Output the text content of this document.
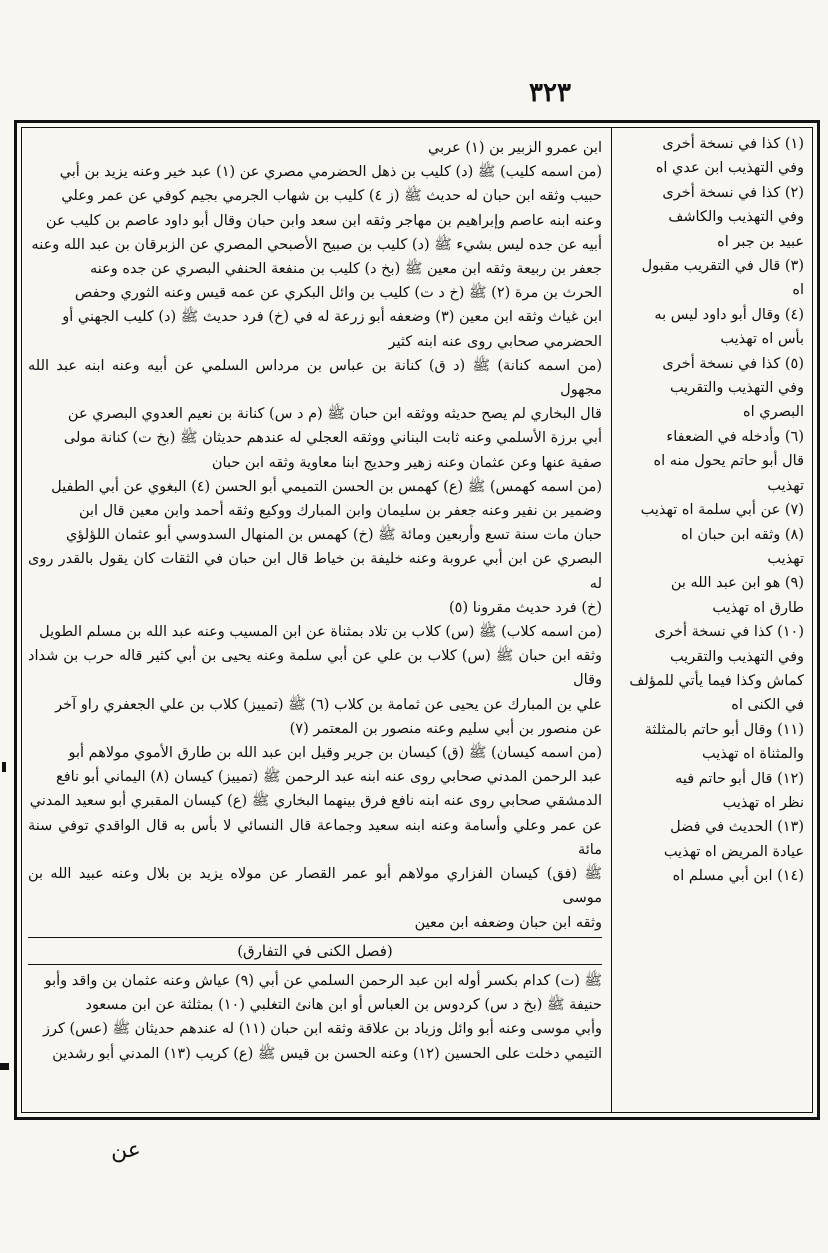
٣٢٣

(١) كذا في نسخة أخرى

وفي التهذيب ابن عدي اه

(٢) كذا في نسخة أخرى

وفي التهذيب والكاشف

عبيد بن جبر اه

(٣) قال في التقريب مقبول

اه

(٤) وقال أبو داود ليس به

بأس اه تهذيب

(٥) كذا في نسخة أخرى

وفي التهذيب والتقريب

البصري اه

(٦) وأدخله في الضعفاء

قال أبو حاتم يحول منه اه

تهذيب

(٧) عن أبي سلمة اه تهذيب

(٨) وثقه ابن حبان اه

تهذيب

(٩) هو ابن عبد الله بن

طارق اه تهذيب

(١٠) كذا في نسخة أخرى

وفي التهذيب والتقريب

كماش وكذا فيما يأتي للمؤلف

في الكنى اه

(١١) وقال أبو حاتم بالمثلثة

والمثناة اه تهذيب

(١٢) قال أبو حاتم فيه

نظر اه تهذيب

(١٣) الحديث في فضل

عيادة المريض اه تهذيب

(١٤) ابن أبي مسلم اه

ابن عمرو الزبير بن (١) عربي

(من اسمه كليب) ﷺ (د) كليب بن ذهل الحضرمي مصري عن (١) عبد خير وعنه يزيد بن أبي

حبيب وثقه ابن حبان له حديث ﷺ (ز ٤) كليب بن شهاب الجرمي بجيم كوفي عن عمر وعلي

وعنه ابنه عاصم وإبراهيم بن مهاجر وثقه ابن سعد وابن حبان وقال أبو داود عاصم بن كليب عن

أبيه عن جده ليس بشيء ﷺ (د) كليب بن صبيح الأصبحي المصري عن الزبرقان بن عبد الله وعنه

جعفر بن ربيعة وثقه ابن معين ﷺ (بخ د) كليب بن منفعة الحنفي البصري عن جده وعنه

الحرث بن مرة (٢) ﷺ (خ د ت) كليب بن وائل البكري عن عمه قيس وعنه الثوري وحفص

ابن غياث وثقه ابن معين (٣) وضعفه أبو زرعة له في (خ) فرد حديث ﷺ (د) كليب الجهني أو

الحضرمي صحابي روى عنه ابنه كثير

(من اسمه كنانة) ﷺ (د ق) كنانة بن عباس بن مرداس السلمي عن أبيه وعنه ابنه عبد الله مجهول

قال البخاري لم يصح حديثه ووثقه ابن حبان ﷺ (م د س) كنانة بن نعيم العدوي البصري عن

أبي برزة الأسلمي وعنه ثابت البناني ووثقه العجلي له عندهم حديثان ﷺ (بخ ت) كنانة مولى

صفية عنها وعن عثمان وعنه زهير وحديج ابنا معاوية وثقه ابن حبان

(من اسمه كهمس) ﷺ (ع) كهمس بن الحسن التميمي أبو الحسن (٤) البغوي عن أبي الطفيل

وضمير بن نفير وعنه جعفر بن سليمان وابن المبارك ووكيع وثقه أحمد وابن معين قال ابن

حبان مات سنة تسع وأربعين ومائة ﷺ (خ) كهمس بن المنهال السدوسي أبو عثمان اللؤلؤي

البصري عن ابن أبي عروبة وعنه خليفة بن خياط قال ابن حبان في الثقات كان يقول بالقدر روى له

(خ) فرد حديث مقرونا (٥)

(من اسمه كلاب) ﷺ (س) كلاب بن تلاد بمثناة عن ابن المسيب وعنه عبد الله بن مسلم الطويل

وثقه ابن حبان ﷺ (س) كلاب بن علي عن أبي سلمة وعنه يحيى بن أبي كثير قاله حرب بن شداد وقال

علي بن المبارك عن يحيى عن ثمامة بن كلاب (٦) ﷺ (تمييز) كلاب بن علي الجعفري راو آخر

عن منصور بن أبي سليم وعنه منصور بن المعتمر (٧)

(من اسمه كيسان) ﷺ (ق) كيسان بن جرير وقيل ابن عبد الله بن طارق الأموي مولاهم أبو

عبد الرحمن المدني صحابي روى عنه ابنه عبد الرحمن ﷺ (تمييز) كيسان (٨) اليماني أبو نافع

الدمشقي صحابي روى عنه ابنه نافع فرق بينهما البخاري ﷺ (ع) كيسان المقبري أبو سعيد المدني

عن عمر وعلي وأسامة وعنه ابنه سعيد وجماعة قال النسائي لا بأس به قال الواقدي توفي سنة مائة

ﷺ (فق) كيسان الفزاري مولاهم أبو عمر القصار عن مولاه يزيد بن بلال وعنه عبيد الله بن موسى

وثقه ابن حبان وضعفه ابن معين

(فصل الكنى في التفارق)

ﷺ (ت) كدام بكسر أوله ابن عبد الرحمن السلمي عن أبي (٩) عياش وعنه عثمان بن واقد وأبو

حنيفة ﷺ (بخ د س) كردوس بن العباس أو ابن هانئ التغلبي (١٠) بمثلثة عن ابن مسعود

وأبي موسى وعنه أبو وائل وزياد بن علاقة وثقه ابن حبان (١١) له عندهم حديثان ﷺ (عس) كرز

التيمي دخلت على الحسين (١٢) وعنه الحسن بن قيس ﷺ (ع) كريب (١٣) المدني أبو رشدين

عن
